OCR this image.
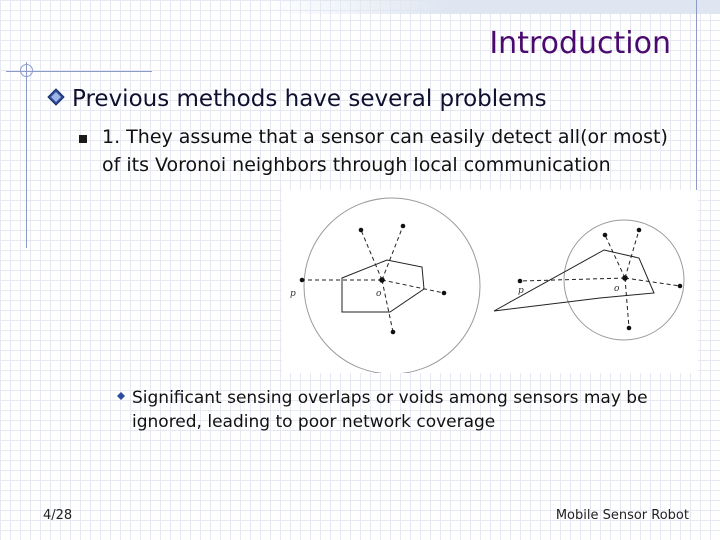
Introduction
Previous methods have several problems
1. They assume that a sensor can easily detect all(or most) of its Voronoi neighbors through local communication
p	o	p	o
Significant sensing overlaps or voids among sensors may be ignored, leading to poor network coverage
4/28	Mobile Sensor Robot
